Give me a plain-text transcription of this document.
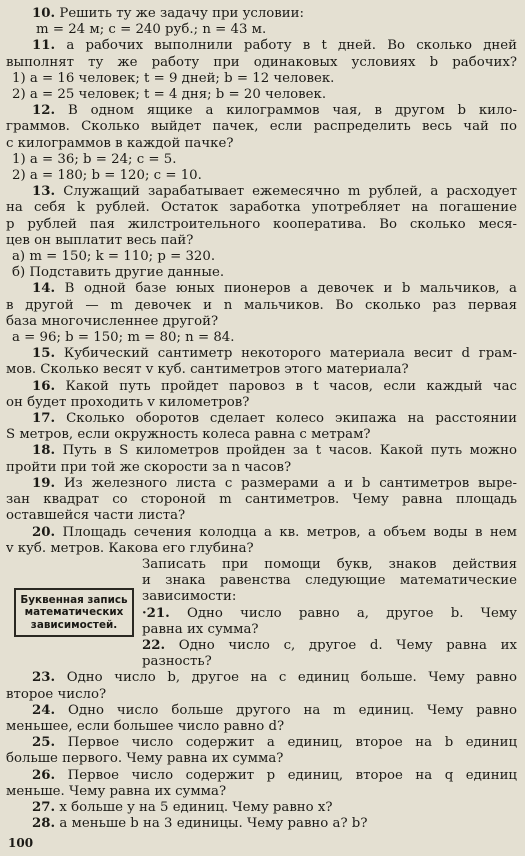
10. Решить ту же задачу при условии:
m = 24 м; c = 240 руб.; n = 43 м.
11. a рабочих выполнили работу в t дней. Во сколько дней
выполнят ту же работу при одинаковых условиях b рабочих?
1) a = 16 человек; t = 9 дней; b = 12 человек.
2) a = 25 человек; t = 4 дня; b = 20 человек.
12. В одном ящике a килограммов чая, в другом b кило-
граммов. Сколько выйдет пачек, если распределить весь чай по
c килограммов в каждой пачке?
1) a = 36; b = 24; c = 5.
2) a = 180; b = 120; c = 10.
13. Служащий зарабатывает ежемесячно m рублей, а расходует
на себя k рублей. Остаток заработка употребляет на погашение
p рублей пая жилстроительного кооператива. Во сколько меся-
цев он выплатит весь пай?
а) m = 150; k = 110; p = 320.
б) Подставить другие данные.
14. В одной базе юных пионеров a девочек и b мальчиков, а
в другой — m девочек и n мальчиков. Во сколько раз первая
база многочисленнее другой?
a = 96; b = 150; m = 80; n = 84.
15. Кубический сантиметр некоторого материала весит d грам-
мов. Сколько весят v куб. сантиметров этого материала?
16. Какой путь пройдет паровоз в t часов, если каждый час
он будет проходить v километров?
17. Сколько оборотов сделает колесо экипажа на расстоянии
S метров, если окружность колеса равна c метрам?
18. Путь в S километров пройден за t часов. Какой путь можно
пройти при той же скорости за n часов?
19. Из железного листа с размерами a и b сантиметров выре-
зан квадрат со стороной m сантиметров. Чему равна площадь
оставшейся части листа?
20. Площадь сечения колодца a кв. метров, а объем воды в нем
v куб. метров. Какова его глубина?
Буквенная запись математических зависимостей.
Записать при помощи букв, знаков действия
и знака равенства следующие математические
зависимости:
·21. Одно число равно a, другое b. Чему
равна их сумма?
22. Одно число c, другое d. Чему равна их
разность?
23. Одно число b, другое на c единиц больше. Чему равно
второе число?
24. Одно число больше другого на m единиц. Чему равно
меньшее, если большее число равно d?
25. Первое число содержит a единиц, второе на b единиц
больше первого. Чему равна их сумма?
26. Первое число содержит p единиц, второе на q единиц
меньше. Чему равна их сумма?
27. x больше y на 5 единиц. Чему равно x?
28. a меньше b на 3 единицы. Чему равно a? b?
100
